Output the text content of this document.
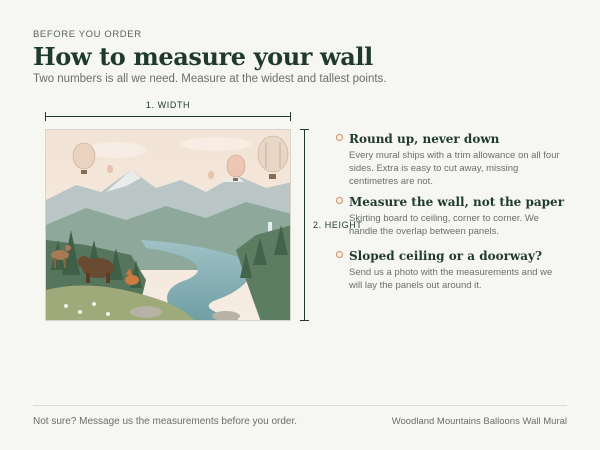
BEFORE YOU ORDER
How to measure your wall
Two numbers is all we need. Measure at the widest and tallest points.
1. WIDTH
2. HEIGHT
Round up, never down
Every mural ships with a trim allowance on all four sides. Extra is easy to cut away, missing centimetres are not.
Measure the wall, not the paper
Skirting board to ceiling, corner to corner. We handle the overlap between panels.
Sloped ceiling or a doorway?
Send us a photo with the measurements and we will lay the panels out around it.
Not sure? Message us the measurements before you order.	Woodland Mountains Balloons Wall Mural
